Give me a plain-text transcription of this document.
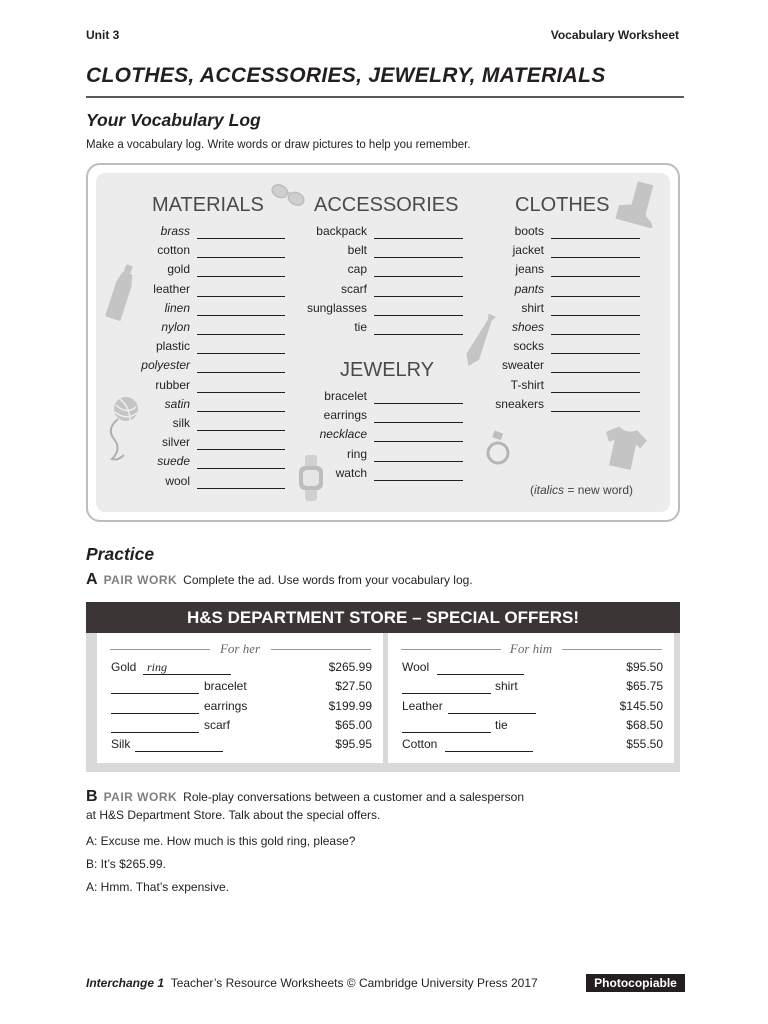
Unit 3	Vocabulary Worksheet
CLOTHES, ACCESSORIES, JEWELRY, MATERIALS
Your Vocabulary Log
Make a vocabulary log. Write words or draw pictures to help you remember.
MATERIALS	ACCESSORIES
JEWELRY
CLOTHES
brass
cotton
gold
leather
linen
nylon
plastic
polyester
rubber
satin
silk
silver
suede
wool
backpack
belt
cap
scarf
sunglasses
tie
bracelet
earrings
necklace
ring
watch
boots
jacket
jeans
pants
shirt
shoes
socks
sweater
T-shirt
sneakers
(italics = new word)
Practice
A PAIR WORK Complete the ad. Use words from your vocabulary log.
H&S DEPARTMENT STORE – SPECIAL OFFERS!
For her
Gold ring	$265.99
bracelet	$27.50
earrings	$199.99
scarf	$65.00
Silk	$95.95
For him
Wool	$95.50
shirt	$65.75
Leather	$145.50
tie	$68.50
Cotton	$55.50
B PAIR WORK Role-play conversations between a customer and a salesperson
at H&S Department Store. Talk about the special offers.
A: Excuse me. How much is this gold ring, please?
B: It’s $265.99.
A: Hmm. That’s expensive.
Interchange 1 Teacher’s Resource Worksheets © Cambridge University Press 2017	Photocopiable
